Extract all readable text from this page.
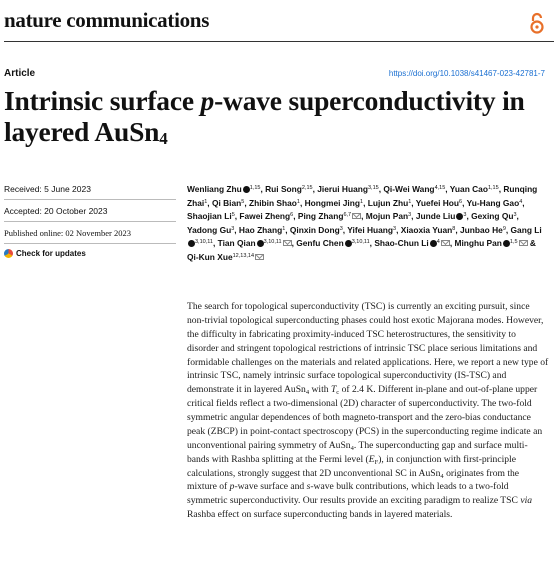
nature communications
Article	https://doi.org/10.1038/s41467-023-42781-7
Intrinsic surface p-wave superconductivity in layered AuSn$_4$
Received: 5 June 2023
Accepted: 20 October 2023
Published online: 02 November 2023
Check for updates
Wenliang Zhu $^{1,15}$, Rui Song$^{2,15}$, Jierui Huang$^{3,15}$, Qi-Wei Wang$^{4,15}$, Yuan Cao$^{1,15}$, Runqing Zhai$^1$, Qi Bian$^5$, Zhibin Shao$^1$, Hongmei Jing$^1$, Lujun Zhu$^1$, Yuefei Hou$^6$, Yu-Hang Gao$^4$, Shaojian Li$^5$, Fawei Zheng$^6$, Ping Zhang$^{6,7}$ , Mojun Pan$^3$, Junde Liu $^3$, Gexing Qu$^3$, Yadong Gu$^3$, Hao Zhang$^1$, Qinxin Dong$^3$, Yifei Huang$^3$, Xiaoxia Yuan$^8$, Junbao He$^9$, Gang Li$^{3,10,11}$, Tian Qian $^{3,10,11}$ , Genfu Chen $^{3,10,11}$, Shao-Chun Li $^4$ , Minghu Pan $^{1,5}$ & Qi-Kun Xue$^{12,13,14}$

The search for topological superconductivity (TSC) is currently an exciting pursuit, since non-trivial topological superconducting phases could host exotic Majorana modes. However, the difficulty in fabricating proximity-induced TSC heterostructures, the sensitivity to disorder and stringent topological restrictions of intrinsic TSC place serious limitations and formidable challenges on the materials and related applications. Here, we report a new type of intrinsic TSC, namely intrinsic surface topological superconductivity (IS-TSC) and demonstrate it in layered AuSn$_4$ with $T_c$ of 2.4 K. Different in-plane and out-of-plane upper critical fields reflect a two-dimensional (2D) character of superconductivity. The two-fold symmetric angular dependences of both magneto-transport and the zero-bias conductance peak (ZBCP) in point-contact spectroscopy (PCS) in the superconducting regime indicate an unconventional pairing symmetry of AuSn$_4$. The superconducting gap and surface multi-bands with Rashba splitting at the Fermi level $(E_F)$, in conjunction with first-principle calculations, strongly suggest that 2D unconventional SC in AuSn$_4$ originates from the mixture of p-wave surface and s-wave bulk contributions, which leads to a two-fold symmetric superconductivity. Our results provide an exciting paradigm to realize TSC via Rashba effect on surface superconducting bands in layered materials.
